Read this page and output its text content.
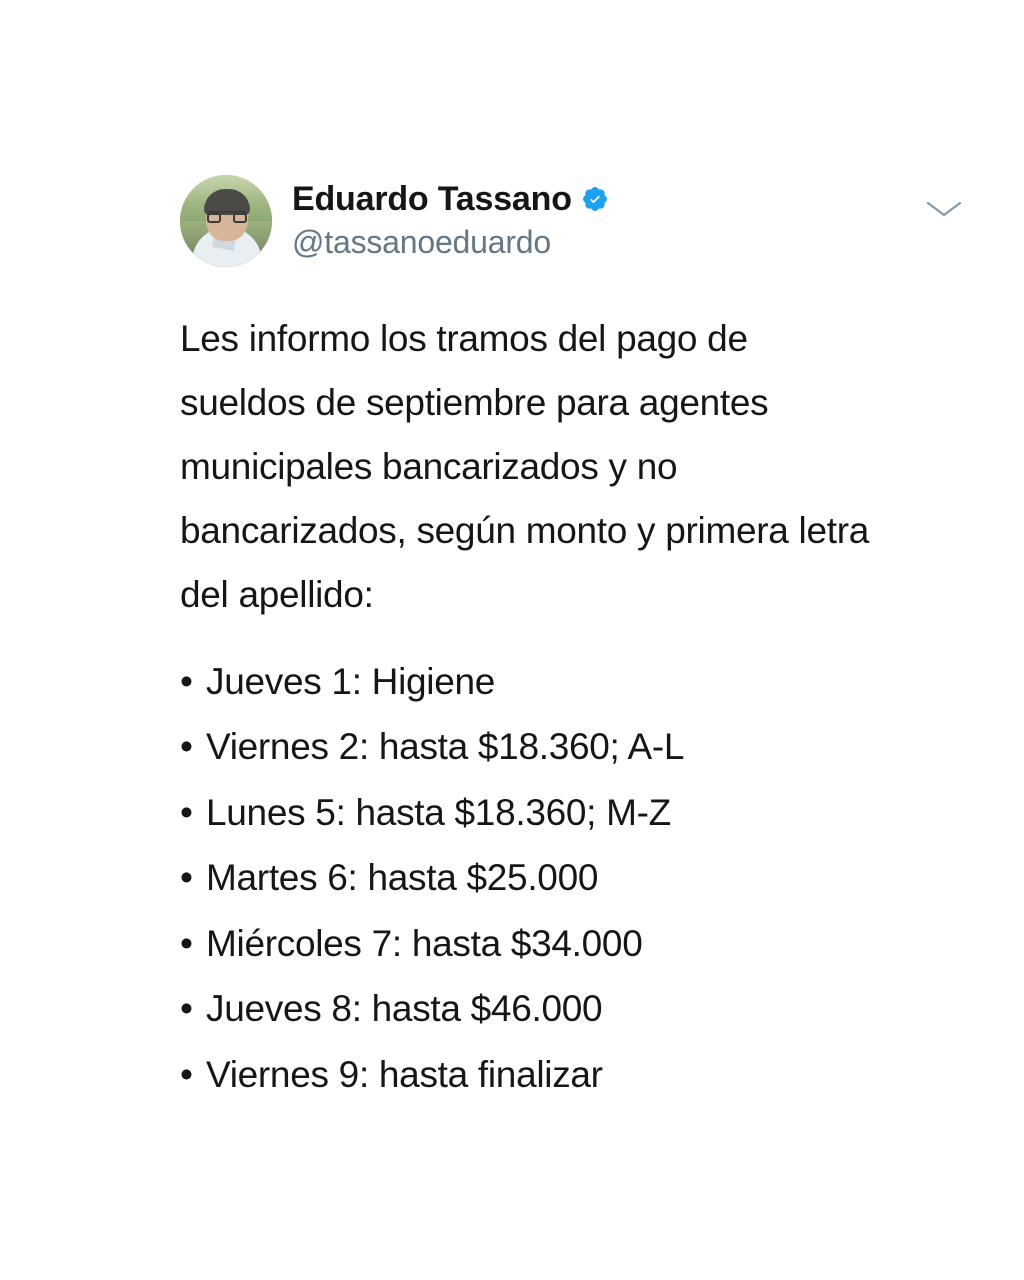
Eduardo Tassano
@tassanoeduardo
Les informo los tramos del pago de sueldos de septiembre para agentes municipales bancarizados y no bancarizados, según monto y primera letra del apellido:
• Jueves 1: Higiene
• Viernes 2: hasta $18.360; A-L
• Lunes 5: hasta $18.360; M-Z
• Martes 6: hasta $25.000
• Miércoles 7: hasta $34.000
• Jueves 8: hasta $46.000
• Viernes 9: hasta finalizar
